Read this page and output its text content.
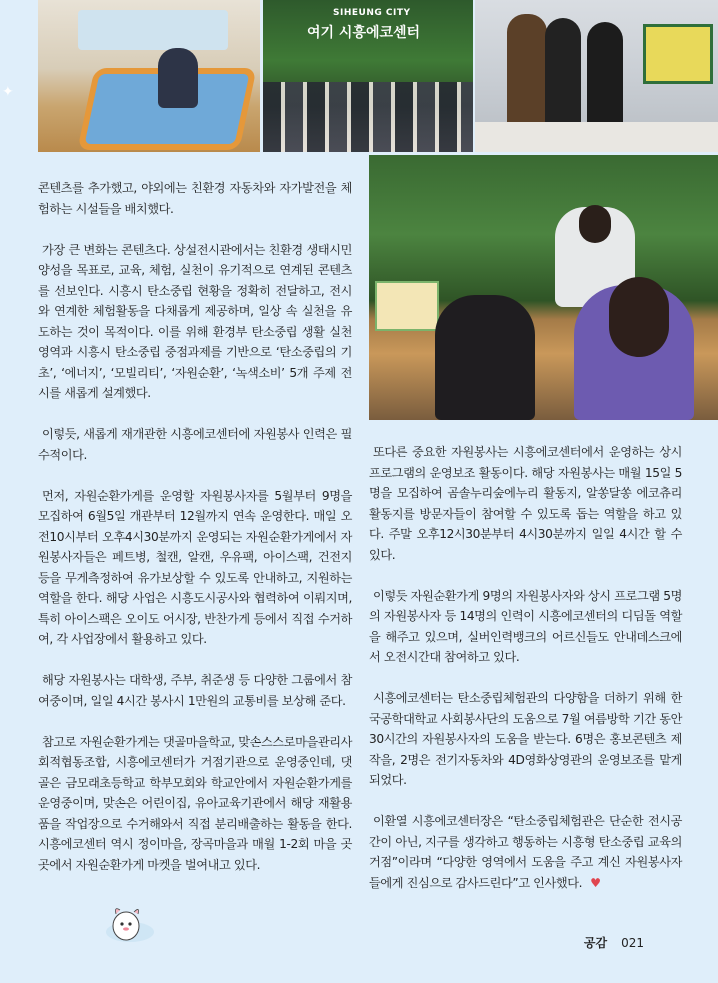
SIHEUNG CITY
여기 시흥에코센터
✦

콘텐츠를 추가했고, 야외에는 친환경 자동차와 자가발전을 체험하는 시설들을 배치했다.

가장 큰 변화는 콘텐츠다. 상설전시관에서는 친환경 생태시민 양성을 목표로, 교육, 체험, 실천이 유기적으로 연계된 콘텐츠를 선보인다. 시흥시 탄소중립 현황을 정확히 전달하고, 전시와 연계한 체험활동을 다채롭게 제공하며, 일상 속 실천을 유도하는 것이 목적이다. 이를 위해 환경부 탄소중립 생활 실천 영역과 시흥시 탄소중립 중점과제를 기반으로 ‘탄소중립의 기초’, ‘에너지’, ‘모빌리티’, ‘자원순환’, ‘녹색소비’ 5개 주제 전시를 새롭게 설계했다.

이렇듯, 새롭게 재개관한 시흥에코센터에 자원봉사 인력은 필수적이다.

먼저, 자원순환가게를 운영할 자원봉사자를 5월부터 9명을 모집하여 6월5일 개관부터 12월까지 연속 운영한다. 매일 오전10시부터 오후4시30분까지 운영되는 자원순환가게에서 자원봉사자들은 페트병, 철캔, 알캔, 우유팩, 아이스팩, 건전지 등을 무게측정하여 유가보상할 수 있도록 안내하고, 지원하는 역할을 한다. 해당 사업은 시흥도시공사와 협력하여 이뤄지며, 특히 아이스팩은 오이도 어시장, 반찬가게 등에서 직접 수거하여, 각 사업장에서 활용하고 있다.

해당 자원봉사는 대학생, 주부, 취준생 등 다양한 그룹에서 참여중이며, 일일 4시간 봉사시 1만원의 교통비를 보상해 준다.

참고로 자원순환가게는 댓골마을학교, 맞손스스로마을관리사회적협동조합, 시흥에코센터가 거점기관으로 운영중인데, 댓골은 금모래초등학교 학부모회와 학교안에서 자원순환가게를 운영중이며, 맞손은 어린이집, 유아교육기관에서 해당 재활용품을 작업장으로 수거해와서 직접 분리배출하는 활동을 한다. 시흥에코센터 역시 정이마을, 장곡마을과 매월 1-2회 마을 곳곳에서 자원순환가게 마켓을 벌여내고 있다.

또다른 중요한 자원봉사는 시흥에코센터에서 운영하는 상시 프로그램의 운영보조 활동이다. 해당 자원봉사는 매월 15일 5명을 모집하여 곰솔누리숲에누리 활동지, 알쏭달쏭 에코츄리 활동지를 방문자들이 참여할 수 있도록 돕는 역할을 하고 있다. 주말 오후12시30분부터 4시30분까지 일일 4시간 할 수 있다.

이렇듯 자원순환가게 9명의 자원봉사자와 상시 프로그램 5명의 자원봉사자 등 14명의 인력이 시흥에코센터의 디딤돌 역할을 해주고 있으며, 실버인력뱅크의 어르신들도 안내데스크에서 오전시간대 참여하고 있다.

시흥에코센터는 탄소중립체험관의 다양함을 더하기 위해 한국공학대학교 사회봉사단의 도움으로 7월 여름방학 기간 동안 30시간의 자원봉사자의 도움을 받는다. 6명은 홍보콘텐츠 제작을, 2명은 전기자동차와 4D영화상영관의 운영보조를 맡게 되었다.

이환열 시흥에코센터장은 “탄소중립체험관은 단순한 전시공간이 아닌, 지구를 생각하고 행동하는 시흥형 탄소중립 교육의 거점”이라며 “다양한 영역에서 도움을 주고 계신 자원봉사자들에게 진심으로 감사드린다”고 인사했다. ♥

공감 021
